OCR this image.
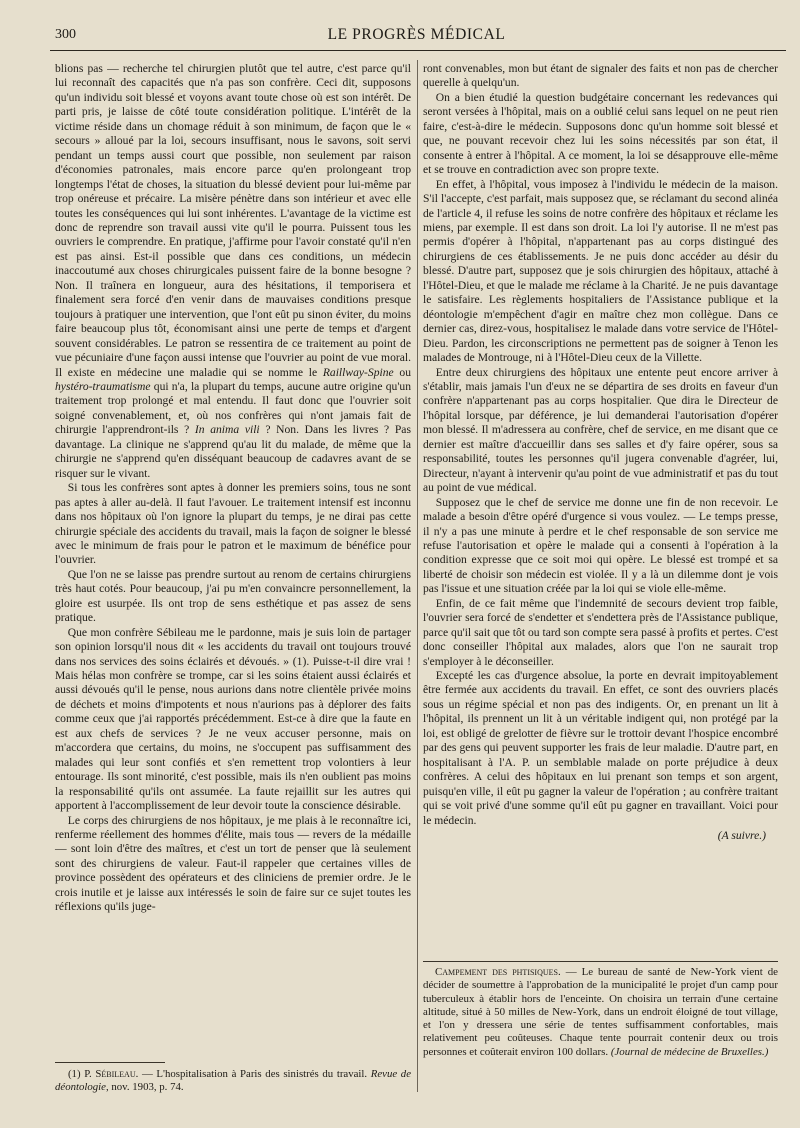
300	LE PROGRÈS MÉDICAL

blions pas — recherche tel chirurgien plutôt que tel autre, c'est parce qu'il lui reconnaît des capacités que n'a pas son confrère. Ceci dit, supposons qu'un individu soit blessé et voyons avant toute chose où est son intérêt. De parti pris, je laisse de côté toute considération politique. L'intérêt de la victime réside dans un chomage réduit à son minimum, de façon que le « secours » alloué par la loi, secours insuffisant, nous le savons, soit servi pendant un temps aussi court que possible, non seulement par raison d'économies patronales, mais encore parce qu'en prolongeant trop longtemps l'état de choses, la situation du blessé devient pour lui-même par trop onéreuse et précaire. La misère pénètre dans son intérieur et avec elle toutes les conséquences qui lui sont inhérentes. L'avantage de la victime est donc de reprendre son travail aussi vite qu'il le pourra. Puissent tous les ouvriers le comprendre. En pratique, j'affirme pour l'avoir constaté qu'il n'en est pas ainsi. Est-il possible que dans ces conditions, un médecin inaccoutumé aux choses chirurgicales puissent faire de la bonne besogne ? Non. Il traînera en longueur, aura des hésitations, il temporisera et finalement sera forcé d'en venir dans de mauvaises conditions presque toujours à pratiquer une intervention, que l'ont eût pu sinon éviter, du moins faire beaucoup plus tôt, économisant ainsi une perte de temps et d'argent souvent considérables. Le patron se ressentira de ce traitement au point de vue pécuniaire d'une façon aussi intense que l'ouvrier au point de vue moral. Il existe en médecine une maladie qui se nomme le Raillway-Spine ou hystéro-traumatisme qui n'a, la plupart du temps, aucune autre origine qu'un traitement trop prolongé et mal entendu. Il faut donc que l'ouvrier soit soigné convenablement, et, où nos confrères qui n'ont jamais fait de chirurgie l'apprendront-ils ? In anima vili ? Non. Dans les livres ? Pas davantage. La clinique ne s'apprend qu'au lit du malade, de même que la chirurgie ne s'apprend qu'en disséquant beaucoup de cadavres avant de se risquer sur le vivant.

Si tous les confrères sont aptes à donner les premiers soins, tous ne sont pas aptes à aller au-delà. Il faut l'avouer. Le traitement intensif est inconnu dans nos hôpitaux où l'on ignore la plupart du temps, je ne dirai pas cette chirurgie spéciale des accidents du travail, mais la façon de soigner le blessé avec le minimum de frais pour le patron et le maximum de bénéfice pour l'ouvrier.

Que l'on ne se laisse pas prendre surtout au renom de certains chirurgiens très haut cotés. Pour beaucoup, j'ai pu m'en convaincre personnellement, la gloire est usurpée. Ils ont trop de sens esthétique et pas assez de sens pratique.

Que mon confrère Sébileau me le pardonne, mais je suis loin de partager son opinion lorsqu'il nous dit « les accidents du travail ont toujours trouvé dans nos services des soins éclairés et dévoués. » (1). Puisse-t-il dire vrai ! Mais hélas mon confrère se trompe, car si les soins étaient aussi éclairés et aussi dévoués qu'il le pense, nous aurions dans notre clientèle privée moins de déchets et moins d'impotents et nous n'aurions pas à déplorer des faits comme ceux que j'ai rapportés précédemment. Est-ce à dire que la faute en est aux chefs de services ? Je ne veux accuser personne, mais on m'accordera que certains, du moins, ne s'occupent pas suffisamment des malades qui leur sont confiés et s'en remettent trop volontiers à leur entourage. Ils sont minorité, c'est possible, mais ils n'en oublient pas moins la responsabilité qu'ils ont assumée. La faute rejaillit sur les autres qui apportent à l'accomplissement de leur devoir toute la conscience désirable.

Le corps des chirurgiens de nos hôpitaux, je me plais à le reconnaître ici, renferme réellement des hommes d'élite, mais tous — revers de la médaille — sont loin d'être des maîtres, et c'est un tort de penser que là seulement sont des chirurgiens de valeur. Faut-il rappeler que certaines villes de province possèdent des opérateurs et des cliniciens de premier ordre. Je le crois inutile et je laisse aux intéressés le soin de faire sur ce sujet toutes les réflexions qu'ils juge-

(1) P. Sébileau. — L'hospitalisation à Paris des sinistrés du travail. Revue de déontologie, nov. 1903, p. 74.

ront convenables, mon but étant de signaler des faits et non pas de chercher querelle à quelqu'un.

On a bien étudié la question budgétaire concernant les redevances qui seront versées à l'hôpital, mais on a oublié celui sans lequel on ne peut rien faire, c'est-à-dire le médecin. Supposons donc qu'un homme soit blessé et que, ne pouvant recevoir chez lui les soins nécessités par son état, il consente à entrer à l'hôpital. A ce moment, la loi se désapprouve elle-même et se trouve en contradiction avec son propre texte.

En effet, à l'hôpital, vous imposez à l'individu le médecin de la maison. S'il l'accepte, c'est parfait, mais supposez que, se réclamant du second alinéa de l'article 4, il refuse les soins de notre confrère des hôpitaux et réclame les miens, par exemple. Il est dans son droit. La loi l'y autorise. Il ne m'est pas permis d'opérer à l'hôpital, n'appartenant pas au corps distingué des chirurgiens de ces établissements. Je ne puis donc accéder au désir du blessé. D'autre part, supposez que je sois chirurgien des hôpitaux, attaché à l'Hôtel-Dieu, et que le malade me réclame à la Charité. Je ne puis davantage le satisfaire. Les règlements hospitaliers de l'Assistance publique et la déontologie m'empêchent d'agir en maître chez mon collègue. Dans ce dernier cas, direz-vous, hospitalisez le malade dans votre service de l'Hôtel-Dieu. Pardon, les circonscriptions ne permettent pas de soigner à Tenon les malades de Montrouge, ni à l'Hôtel-Dieu ceux de la Villette.

Entre deux chirurgiens des hôpitaux une entente peut encore arriver à s'établir, mais jamais l'un d'eux ne se départira de ses droits en faveur d'un confrère n'appartenant pas au corps hospitalier. Que dira le Directeur de l'hôpital lorsque, par déférence, je lui demanderai l'autorisation d'opérer mon blessé. Il m'adressera au confrère, chef de service, en me disant que ce dernier est maître d'accueillir dans ses salles et d'y faire opérer, sous sa responsabilité, toutes les personnes qu'il jugera convenable d'agréer, lui, Directeur, n'ayant à intervenir qu'au point de vue administratif et pas du tout au point de vue médical.

Supposez que le chef de service me donne une fin de non recevoir. Le malade a besoin d'être opéré d'urgence si vous voulez. — Le temps presse, il n'y a pas une minute à perdre et le chef responsable de son service me refuse l'autorisation et opère le malade qui a consenti à l'opération à la condition expresse que ce soit moi qui opère. Le blessé est trompé et sa liberté de choisir son médecin est violée. Il y a là un dilemme dont je vois pas l'issue et une situation créée par la loi qui se viole elle-même.

Enfin, de ce fait même que l'indemnité de secours devient trop faible, l'ouvrier sera forcé de s'endetter et s'endettera près de l'Assistance publique, parce qu'il sait que tôt ou tard son compte sera passé à profits et pertes. C'est donc conseiller l'hôpital aux malades, alors que l'on ne saurait trop s'employer à le déconseiller.

Excepté les cas d'urgence absolue, la porte en devrait impitoyablement être fermée aux accidents du travail. En effet, ce sont des ouvriers placés sous un régime spécial et non pas des indigents. Or, en prenant un lit à l'hôpital, ils prennent un lit à un véritable indigent qui, non protégé par la loi, est obligé de grelotter de fièvre sur le trottoir devant l'hospice encombré par des gens qui peuvent supporter les frais de leur maladie. D'autre part, en hospitalisant à l'A. P. un semblable malade on porte préjudice à deux confrères. A celui des hôpitaux en lui prenant son temps et son argent, puisqu'en ville, il eût pu gagner la valeur de l'opération ; au confrère traitant qui se voit privé d'une somme qu'il eût pu gagner en travaillant. Voici pour le médecin.

(A suivre.)
Campement des phtisiques. — Le bureau de santé de New-York vient de décider de soumettre à l'approbation de la municipalité le projet d'un camp pour tuberculeux à établir hors de l'enceinte. On choisira un terrain d'une certaine altitude, situé à 50 milles de New-York, dans un endroit éloigné de tout village, et l'on y dressera une série de tentes suffisamment confortables, mais relativement peu coûteuses. Chaque tente pourrait contenir deux ou trois personnes et coûterait environ 100 dollars. (Journal de médecine de Bruxelles.)
